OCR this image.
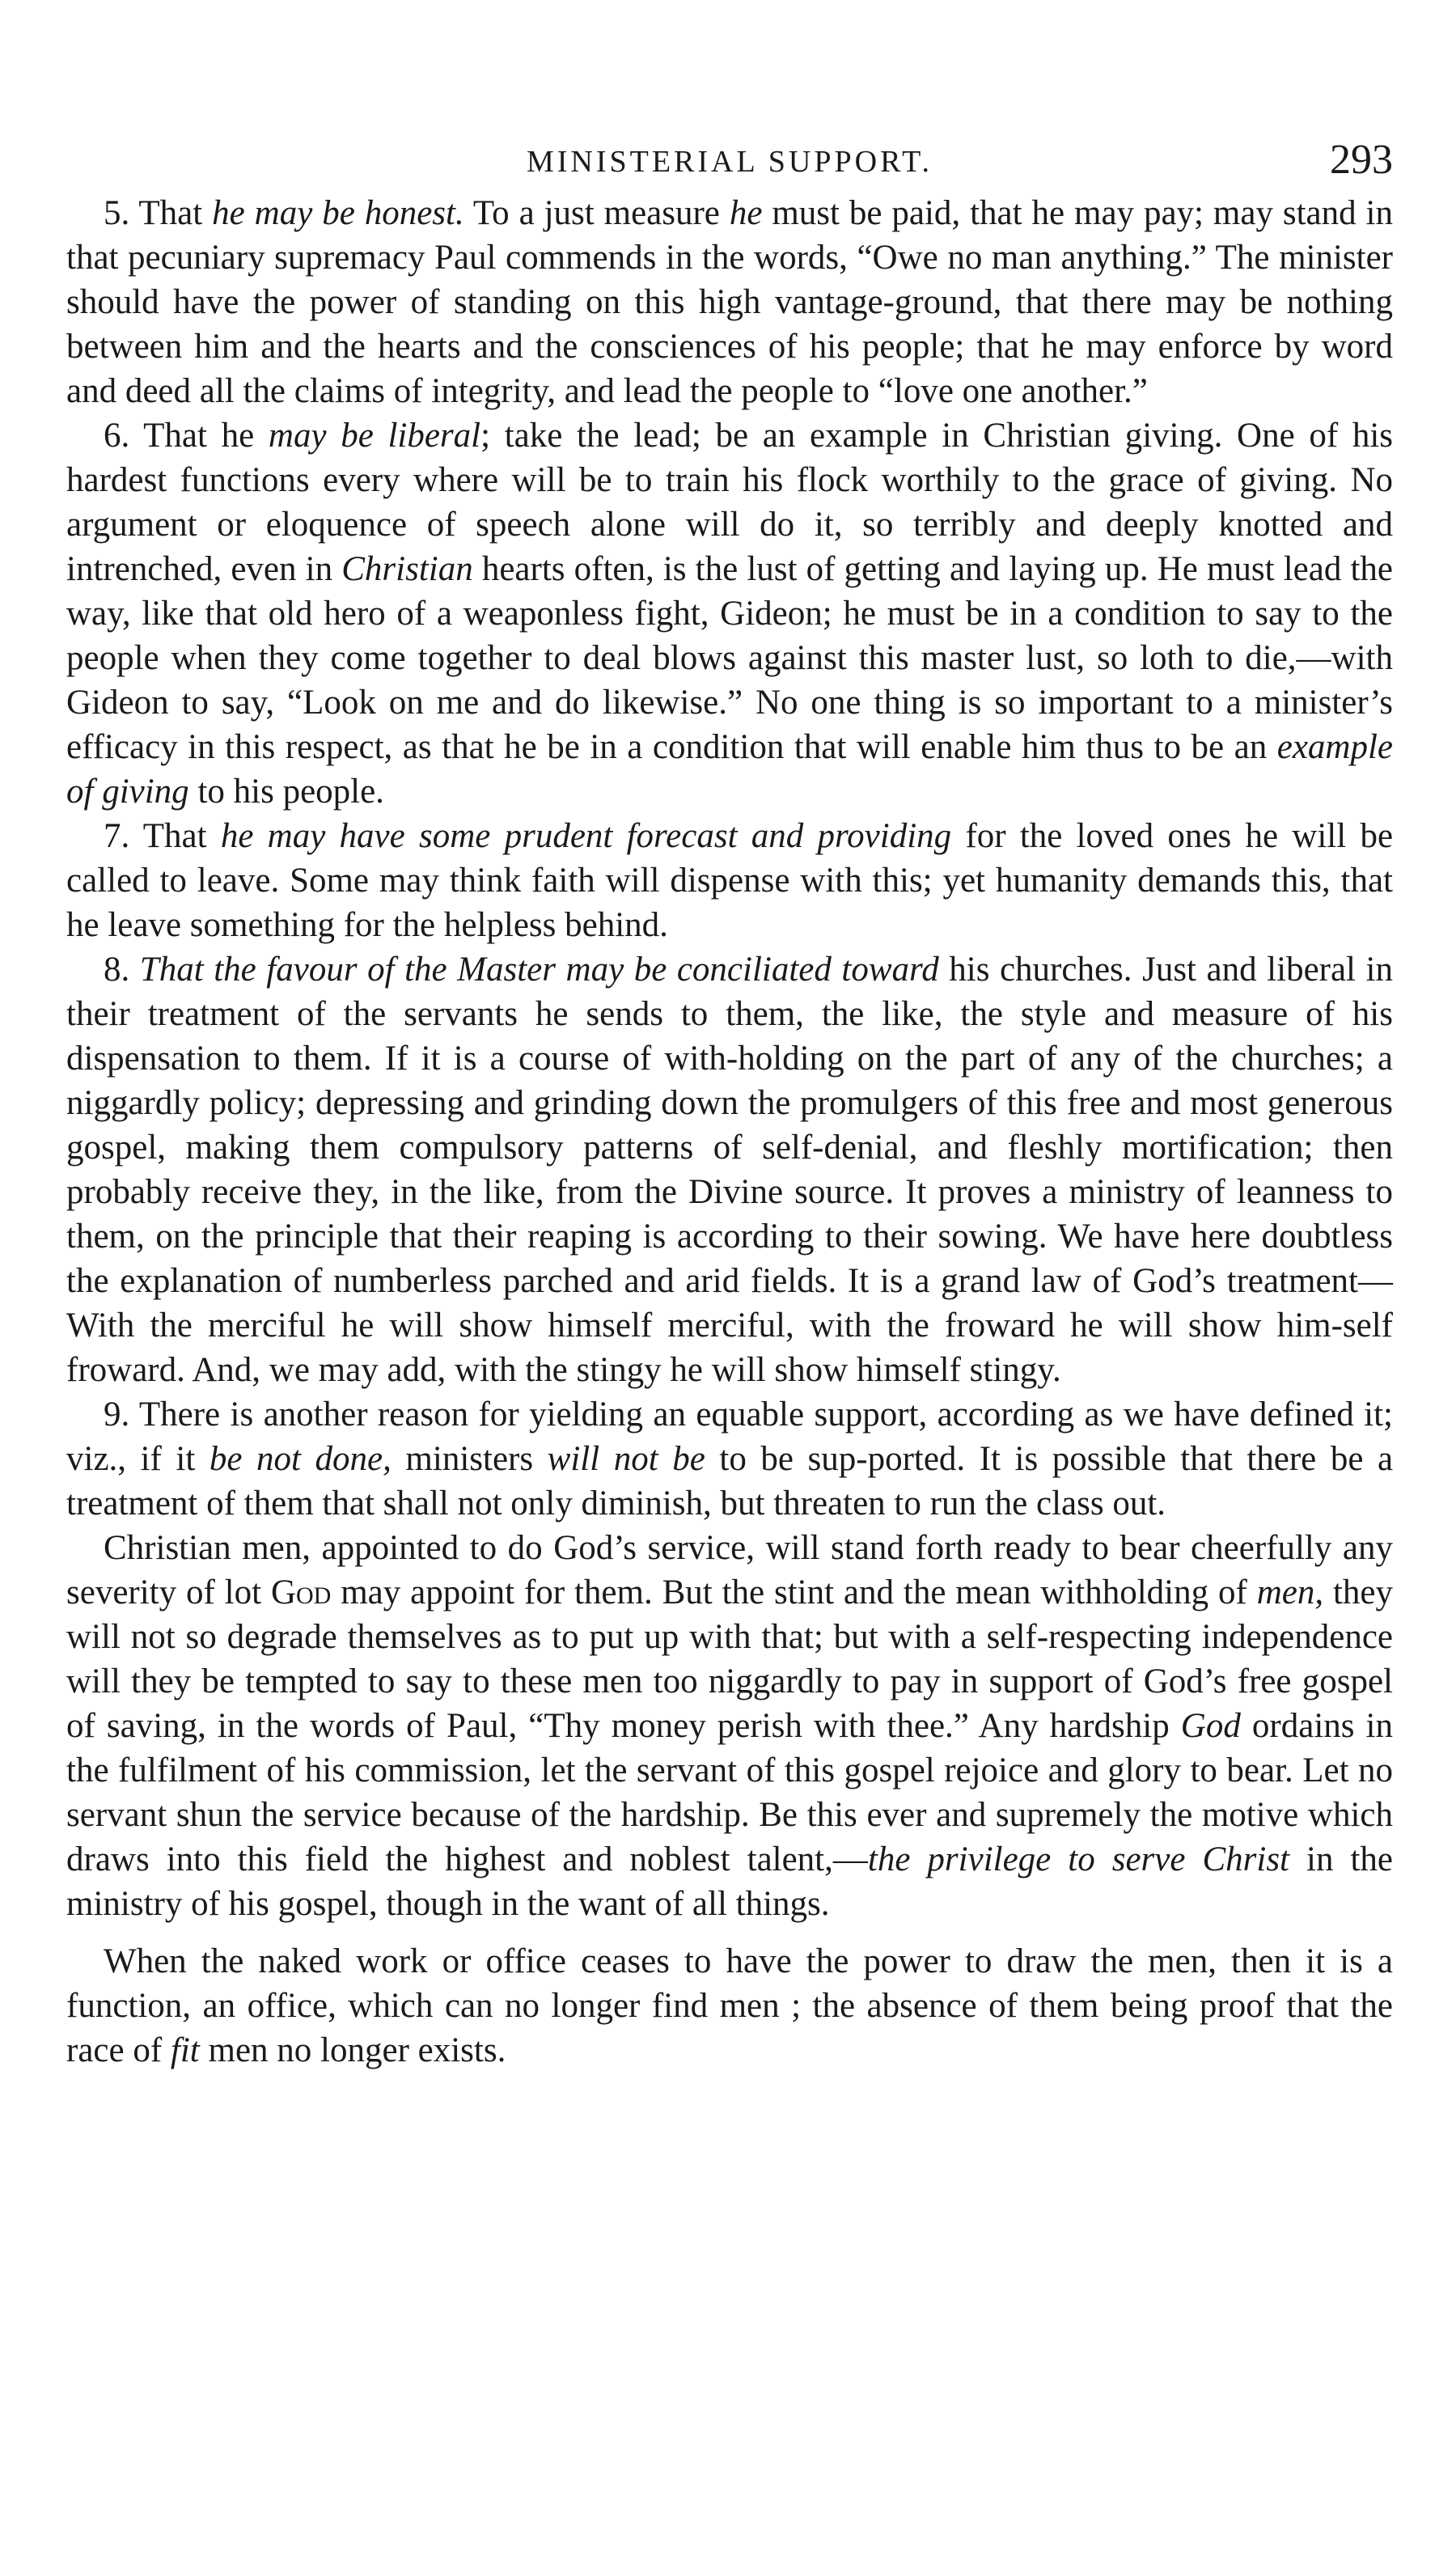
MINISTERIAL SUPPORT.	293

5. That he may be honest. To a just measure he must be paid, that he may pay; may stand in that pecuniary supremacy Paul commends in the words, “Owe no man anything.” The minister should have the power of standing on this high vantage-ground, that there may be nothing between him and the hearts and the consciences of his people; that he may enforce by word and deed all the claims of integrity, and lead the people to “love one another.”

6. That he may be liberal; take the lead; be an example in Christian giving. One of his hardest functions every where will be to train his flock worthily to the grace of giving. No argument or eloquence of speech alone will do it, so terribly and deeply knotted and intrenched, even in Christian hearts often, is the lust of getting and laying up. He must lead the way, like that old hero of a weaponless fight, Gideon; he must be in a condition to say to the people when they come together to deal blows against this master lust, so loth to die,—with Gideon to say, “Look on me and do likewise.” No one thing is so important to a minister’s efficacy in this respect, as that he be in a condition that will enable him thus to be an example of giving to his people.

7. That he may have some prudent forecast and providing for the loved ones he will be called to leave. Some may think faith will dispense with this; yet humanity demands this, that he leave something for the helpless behind.

8. That the favour of the Master may be conciliated toward his churches. Just and liberal in their treatment of the servants he sends to them, the like, the style and measure of his dispensation to them. If it is a course of with-holding on the part of any of the churches; a niggardly policy; depressing and grinding down the promulgers of this free and most generous gospel, making them compulsory patterns of self-denial, and fleshly mortification; then probably receive they, in the like, from the Divine source. It proves a ministry of leanness to them, on the principle that their reaping is according to their sowing. We have here doubtless the explanation of numberless parched and arid fields. It is a grand law of God’s treatment—With the merciful he will show himself merciful, with the froward he will show him-self froward. And, we may add, with the stingy he will show himself stingy.

9. There is another reason for yielding an equable support, according as we have defined it; viz., if it be not done, ministers will not be to be sup-ported. It is possible that there be a treatment of them that shall not only diminish, but threaten to run the class out.

Christian men, appointed to do God’s service, will stand forth ready to bear cheerfully any severity of lot God may appoint for them. But the stint and the mean withholding of men, they will not so degrade themselves as to put up with that; but with a self-respecting independence will they be tempted to say to these men too niggardly to pay in support of God’s free gospel of saving, in the words of Paul, “Thy money perish with thee.” Any hardship God ordains in the fulfilment of his commission, let the servant of this gospel rejoice and glory to bear. Let no servant shun the service because of the hardship. Be this ever and supremely the motive which draws into this field the highest and noblest talent,—the privilege to serve Christ in the ministry of his gospel, though in the want of all things.

When the naked work or office ceases to have the power to draw the men, then it is a function, an office, which can no longer find men ; the absence of them being proof that the race of fit men no longer exists.
